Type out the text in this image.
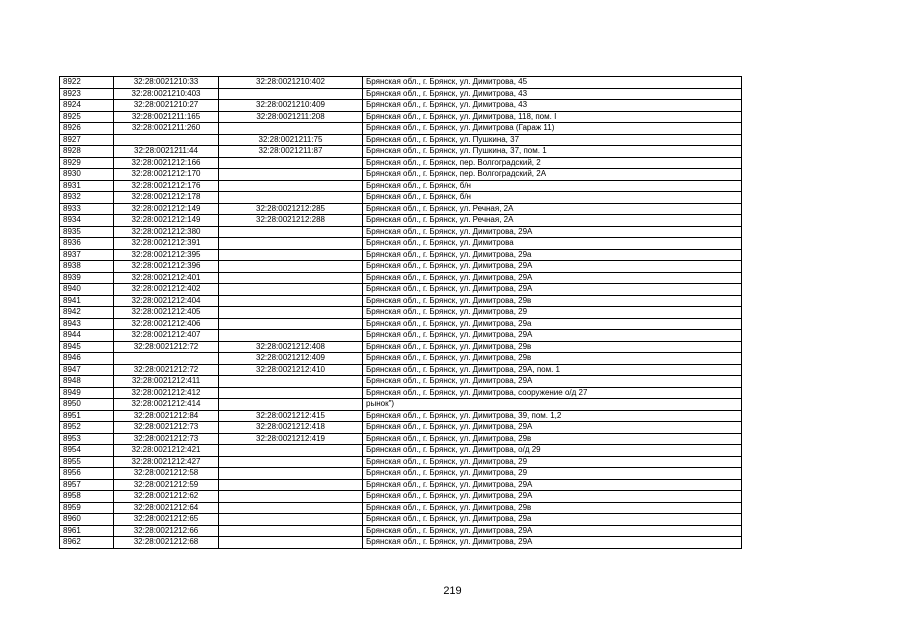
8922	32:28:0021210:33	32:28:0021210:402	Брянская обл., г. Брянск, ул. Димитрова, 45
8923	32:28:0021210:403		Брянская обл., г. Брянск, ул. Димитрова, 43
8924	32:28:0021210:27	32:28:0021210:409	Брянская обл., г. Брянск, ул. Димитрова, 43
8925	32:28:0021211:165	32:28:0021211:208	Брянская обл., г. Брянск, ул. Димитрова, 118, пом. I
8926	32:28:0021211:260		Брянская обл., г. Брянск, ул. Димитрова (Гараж 11)
8927		32:28:0021211:75	Брянская обл., г. Брянск, ул. Пушкина, 37
8928	32:28:0021211:44	32:28:0021211:87	Брянская обл., г. Брянск, ул. Пушкина, 37, пом. 1
8929	32:28:0021212:166		Брянская обл., г. Брянск, пер. Волгоградский, 2
8930	32:28:0021212:170		Брянская обл., г. Брянск, пер. Волгоградский, 2А
8931	32:28:0021212:176		Брянская обл., г. Брянск, б/н
8932	32:28:0021212:178		Брянская обл., г. Брянск, б/н
8933	32:28:0021212:149	32:28:0021212:285	Брянская обл., г. Брянск, ул. Речная, 2А
8934	32:28:0021212:149	32:28:0021212:288	Брянская обл., г. Брянск, ул. Речная, 2А
8935	32:28:0021212:380		Брянская обл., г. Брянск, ул. Димитрова, 29А
8936	32:28:0021212:391		Брянская обл., г. Брянск, ул. Димитрова
8937	32:28:0021212:395		Брянская обл., г. Брянск, ул. Димитрова, 29а
8938	32:28:0021212:396		Брянская обл., г. Брянск, ул. Димитрова, 29А
8939	32:28:0021212:401		Брянская обл., г. Брянск, ул. Димитрова, 29А
8940	32:28:0021212:402		Брянская обл., г. Брянск, ул. Димитрова, 29А
8941	32:28:0021212:404		Брянская обл., г. Брянск, ул. Димитрова, 29в
8942	32:28:0021212:405		Брянская обл., г. Брянск, ул. Димитрова, 29
8943	32:28:0021212:406		Брянская обл., г. Брянск, ул. Димитрова, 29а
8944	32:28:0021212:407		Брянская обл., г. Брянск, ул. Димитрова, 29А
8945	32:28:0021212:72	32:28:0021212:408	Брянская обл., г. Брянск, ул. Димитрова, 29в
8946		32:28:0021212:409	Брянская обл., г. Брянск, ул. Димитрова, 29в
8947	32:28:0021212:72	32:28:0021212:410	Брянская обл., г. Брянск, ул. Димитрова, 29А, пом. 1
8948	32:28:0021212:411		Брянская обл., г. Брянск, ул. Димитрова, 29А
8949	32:28:0021212:412		Брянская обл., г. Брянск, ул. Димитрова, сооружение о/д 27
8950	32:28:0021212:414		рынок")
8951	32:28:0021212:84	32:28:0021212:415	Брянская обл., г. Брянск, ул. Димитрова, 39, пом. 1,2
8952	32:28:0021212:73	32:28:0021212:418	Брянская обл., г. Брянск, ул. Димитрова, 29А
8953	32:28:0021212:73	32:28:0021212:419	Брянская обл., г. Брянск, ул. Димитрова, 29в
8954	32:28:0021212:421		Брянская обл., г. Брянск, ул. Димитрова, о/д 29
8955	32:28:0021212:427		Брянская обл., г. Брянск, ул. Димитрова, 29
8956	32:28:0021212:58		Брянская обл., г. Брянск, ул. Димитрова, 29
8957	32:28:0021212:59		Брянская обл., г. Брянск, ул. Димитрова, 29А
8958	32:28:0021212:62		Брянская обл., г. Брянск, ул. Димитрова, 29А
8959	32:28:0021212:64		Брянская обл., г. Брянск, ул. Димитрова, 29в
8960	32:28:0021212:65		Брянская обл., г. Брянск, ул. Димитрова, 29а
8961	32:28:0021212:66		Брянская обл., г. Брянск, ул. Димитрова, 29А
8962	32:28:0021212:68		Брянская обл., г. Брянск, ул. Димитрова, 29А
219
